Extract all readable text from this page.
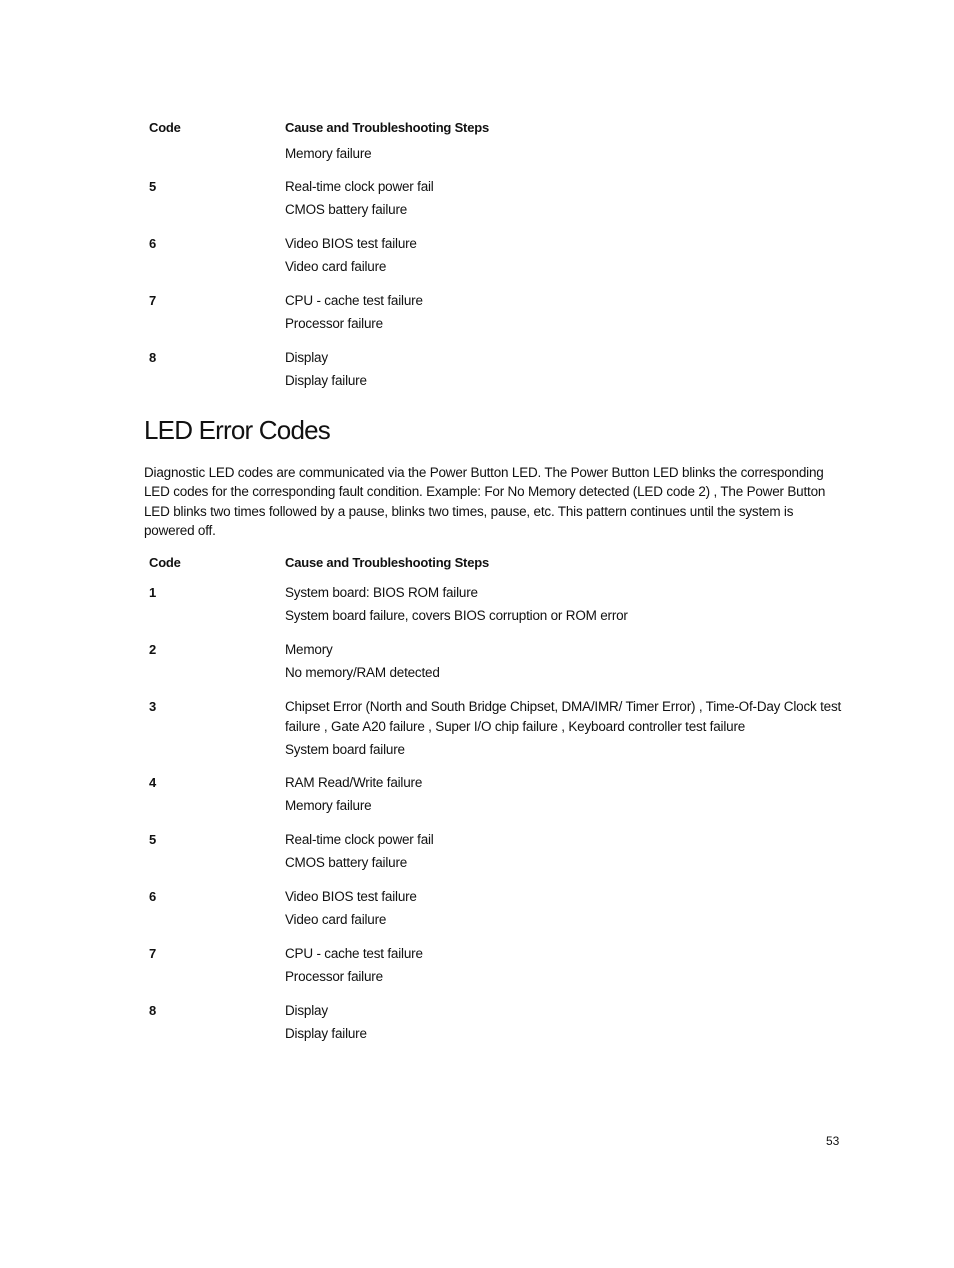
Code	Cause and Troubleshooting Steps
Memory failure
5	Real-time clock power fail
CMOS battery failure
6	Video BIOS test failure
Video card failure
7	CPU - cache test failure
Processor failure
8	Display
Display failure
LED Error Codes

Diagnostic LED codes are communicated via the Power Button LED. The Power Button LED blinks the corresponding LED codes for the corresponding fault condition. Example: For No Memory detected (LED code 2) , The Power Button LED blinks two times followed by a pause, blinks two times, pause, etc. This pattern continues until the system is powered off.

Code	Cause and Troubleshooting Steps
1	System board: BIOS ROM failure
System board failure, covers BIOS corruption or ROM error
2	Memory
No memory/RAM detected
3	Chipset Error (North and South Bridge Chipset, DMA/IMR/ Timer Error) , Time-Of-Day Clock test failure , Gate A20 failure , Super I/O chip failure , Keyboard controller test failure
System board failure
4	RAM Read/Write failure
Memory failure
5	Real-time clock power fail
CMOS battery failure
6	Video BIOS test failure
Video card failure
7	CPU - cache test failure
Processor failure
8	Display
Display failure
53
